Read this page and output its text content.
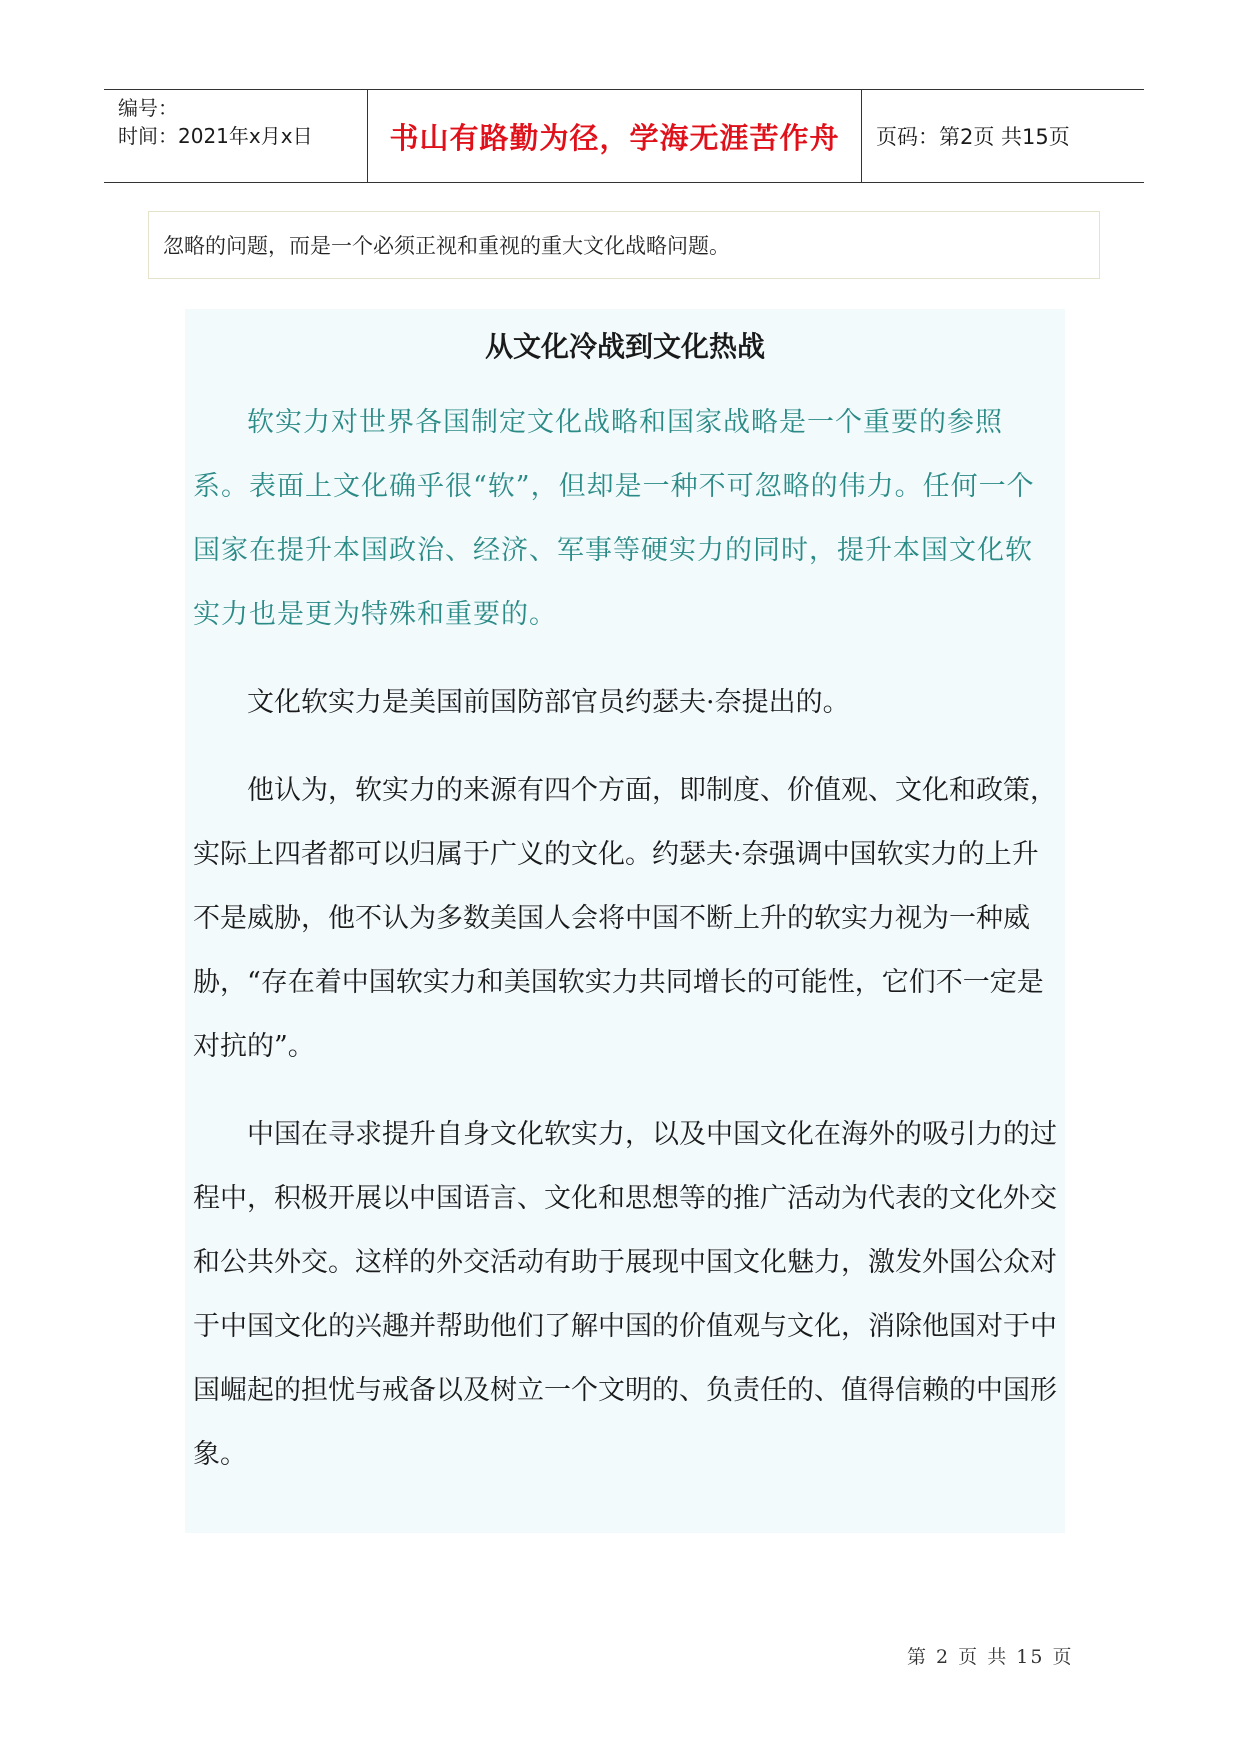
编号：
时间：2021年x月x日	书山有路勤为径，学海无涯苦作舟	页码：第2页 共15页
忽略的问题，而是一个必须正视和重视的重大文化战略问题。
从文化冷战到文化热战

软实力对世界各国制定文化战略和国家战略是一个重要的参照系。表面上文化确乎很“软”，但却是一种不可忽略的伟力。任何一个国家在提升本国政治、经济、军事等硬实力的同时，提升本国文化软实力也是更为特殊和重要的。

文化软实力是美国前国防部官员约瑟夫·奈提出的。

他认为，软实力的来源有四个方面，即制度、价值观、文化和政策，实际上四者都可以归属于广义的文化。约瑟夫·奈强调中国软实力的上升不是威胁，他不认为多数美国人会将中国不断上升的软实力视为一种威胁，“存在着中国软实力和美国软实力共同增长的可能性，它们不一定是对抗的”。

中国在寻求提升自身文化软实力，以及中国文化在海外的吸引力的过程中，积极开展以中国语言、文化和思想等的推广活动为代表的文化外交和公共外交。这样的外交活动有助于展现中国文化魅力，激发外国公众对于中国文化的兴趣并帮助他们了解中国的价值观与文化，消除他国对于中国崛起的担忧与戒备以及树立一个文明的、负责任的、值得信赖的中国形象。

第 2 页 共 15 页
